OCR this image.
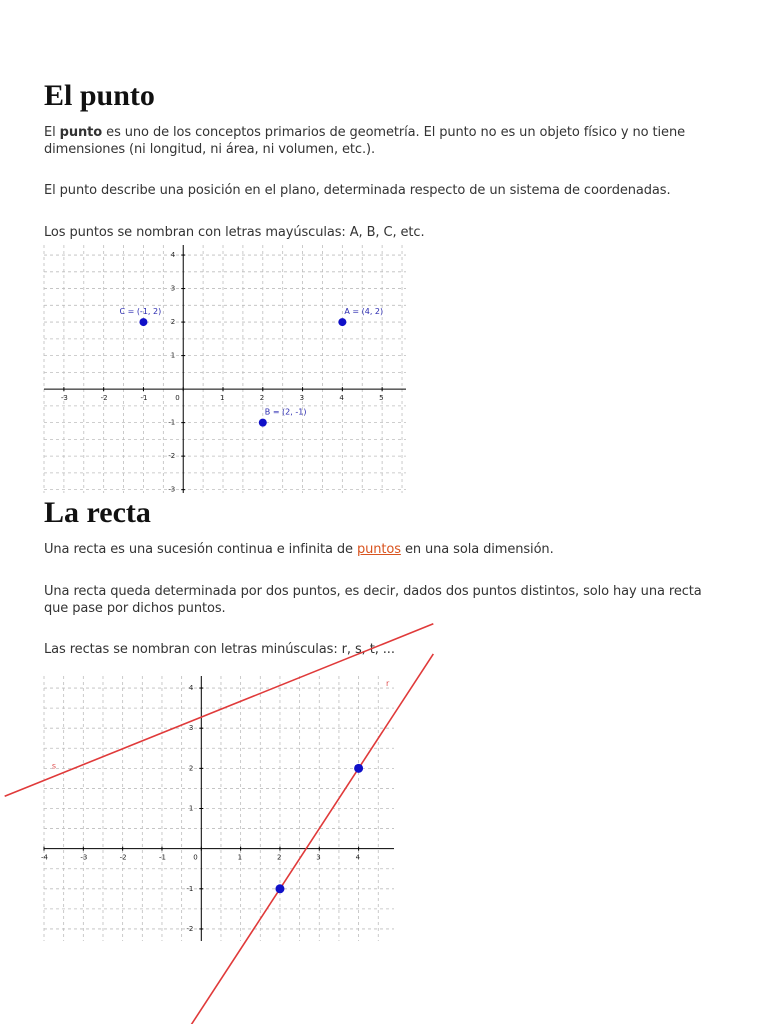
El punto

El punto es uno de los conceptos primarios de geometría. El punto no es un objeto físico y no tiene dimensiones (ni longitud, ni área, ni volumen, etc.).

El punto describe una posición en el plano, determinada respecto de un sistema de coordenadas.

Los puntos se nombran con letras mayúsculas: A, B, C, etc.

La recta

Una recta es una sucesión continua e infinita de puntos en una sola dimensión.

Una recta queda determinada por dos puntos, es decir, dados dos puntos distintos, solo hay una recta que pase por dichos puntos.

Las rectas se nombran con letras minúsculas: r, s, t, ...

-3	-2	-1	0	1	2	3	4	5
-3
-2
-1
1
2
3
4
A = (4, 2)
B = (2, -1)
C = (-1, 2)
-4	-3	-2	-1	0	1	2	3	4
-2
-1
1
2
3
4	r
s
